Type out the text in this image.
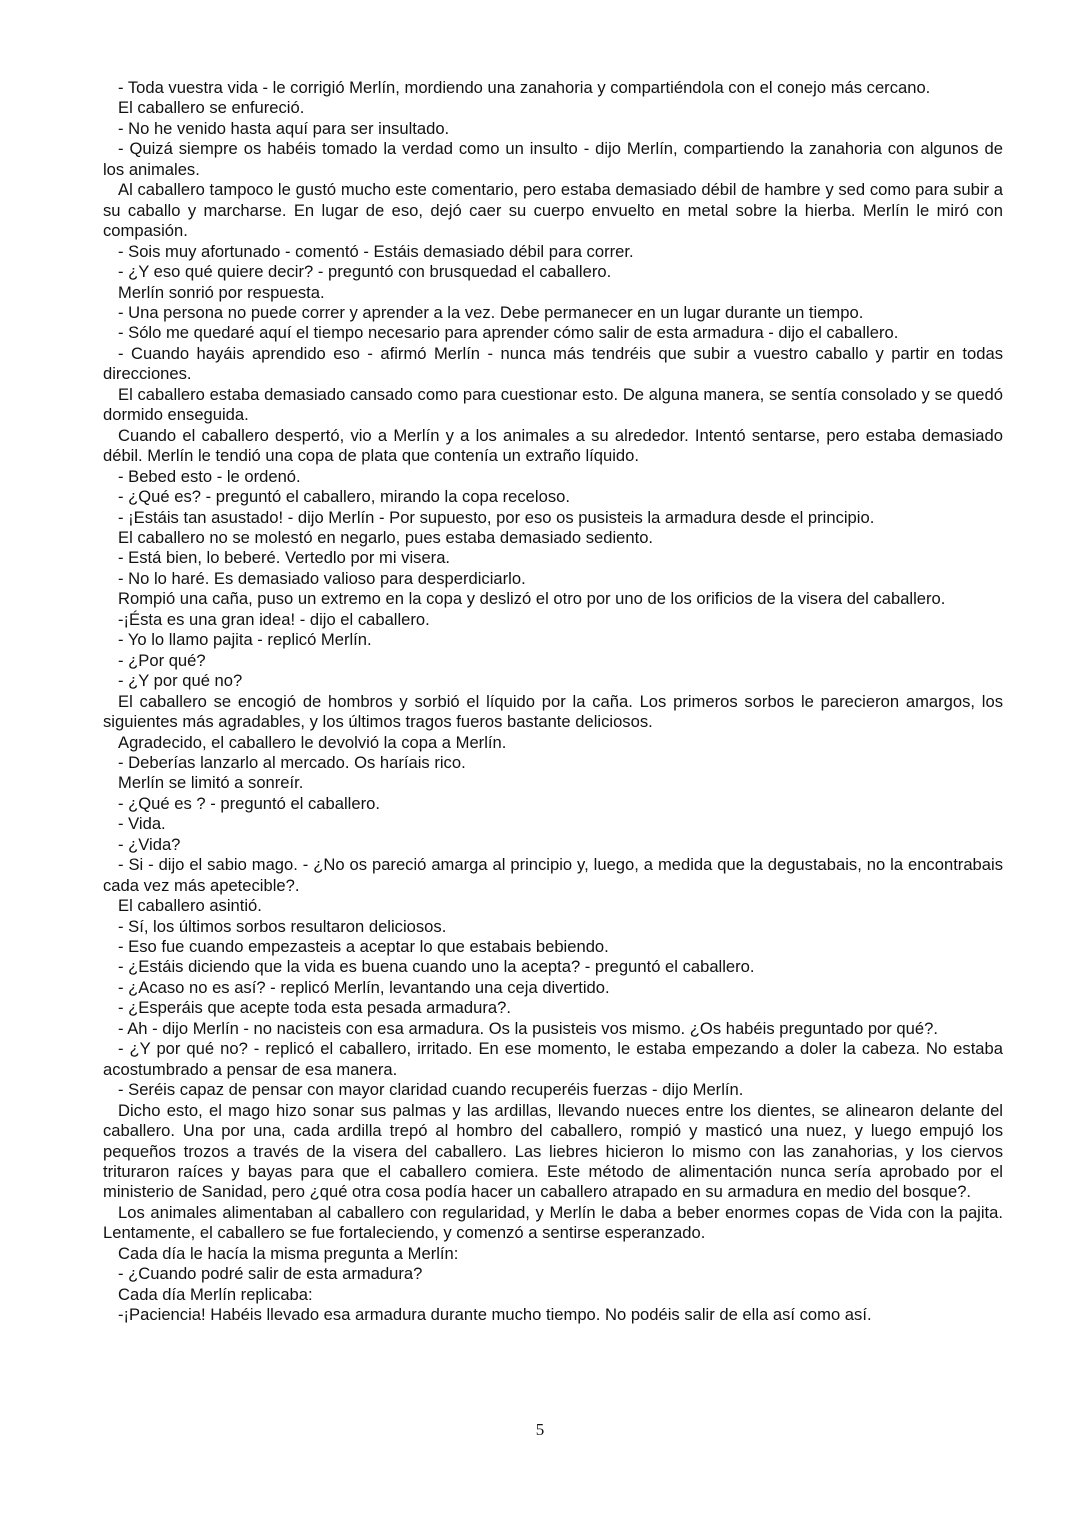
- Toda vuestra vida - le corrigió Merlín, mordiendo una zanahoria y compartiéndola con el conejo más cercano.

El caballero se enfureció.

- No he venido hasta aquí para ser insultado.

- Quizá siempre os habéis tomado la verdad como un insulto - dijo Merlín, compartiendo la zanahoria con algunos de los animales.

Al caballero tampoco le gustó mucho este comentario, pero estaba demasiado débil de hambre y sed como para subir a su caballo y marcharse. En lugar de eso, dejó caer su cuerpo envuelto en metal sobre la hierba. Merlín le miró con compasión.

- Sois muy afortunado - comentó - Estáis demasiado débil para correr.

- ¿Y eso qué quiere decir? - preguntó con brusquedad el caballero.

Merlín sonrió por respuesta.

- Una persona no puede correr y aprender a la vez. Debe permanecer en un lugar durante un tiempo.

- Sólo me quedaré aquí el tiempo necesario para aprender cómo salir de esta armadura - dijo el caballero.

- Cuando hayáis aprendido eso - afirmó Merlín - nunca más tendréis que subir a vuestro caballo y partir en todas direcciones.

El caballero estaba demasiado cansado como para cuestionar esto. De alguna manera, se sentía consolado y se quedó dormido enseguida.

Cuando el caballero despertó, vio a Merlín y a los animales a su alrededor. Intentó sentarse, pero estaba demasiado débil. Merlín le tendió una copa de plata que contenía un extraño líquido.

- Bebed esto - le ordenó.

- ¿Qué es? - preguntó el caballero, mirando la copa receloso.

- ¡Estáis tan asustado! - dijo Merlín - Por supuesto, por eso os pusisteis la armadura desde el principio.

El caballero no se molestó en negarlo, pues estaba demasiado sediento.

- Está bien, lo beberé. Vertedlo por mi visera.

- No lo haré. Es demasiado valioso para desperdiciarlo.

Rompió una caña, puso un extremo en la copa y deslizó el otro por uno de los orificios de la visera del caballero.

-¡Ésta es una gran idea! - dijo el caballero.

- Yo lo llamo pajita - replicó Merlín.

- ¿Por qué?

- ¿Y por qué no?

El caballero se encogió de hombros y sorbió el líquido por la caña. Los primeros sorbos le parecieron amargos, los siguientes más agradables, y los últimos tragos fueros bastante deliciosos.

Agradecido, el caballero le devolvió la copa a Merlín.

- Deberías lanzarlo al mercado. Os haríais rico.

Merlín se limitó a sonreír.

- ¿Qué es ? - preguntó el caballero.

- Vida.

- ¿Vida?

- Si - dijo el sabio mago. - ¿No os pareció amarga al principio y, luego, a medida que la degustabais, no la encontrabais cada vez más apetecible?.

El caballero asintió.

- Sí, los últimos sorbos resultaron deliciosos.

- Eso fue cuando empezasteis a aceptar lo que estabais bebiendo.

- ¿Estáis diciendo que la vida es buena cuando uno la acepta? - preguntó el caballero.

- ¿Acaso no es así? - replicó Merlín, levantando una ceja divertido.

- ¿Esperáis que acepte toda esta pesada armadura?.

- Ah - dijo Merlín - no nacisteis con esa armadura. Os la pusisteis vos mismo. ¿Os habéis preguntado por qué?.

- ¿Y por qué no? - replicó el caballero, irritado. En ese momento, le estaba empezando a doler la cabeza. No estaba acostumbrado a pensar de esa manera.

- Seréis capaz de pensar con mayor claridad cuando recuperéis fuerzas - dijo Merlín.

Dicho esto, el mago hizo sonar sus palmas y las ardillas, llevando nueces entre los dientes, se alinearon delante del caballero. Una por una, cada ardilla trepó al hombro del caballero, rompió y masticó una nuez, y luego empujó los pequeños trozos a través de la visera del caballero. Las liebres hicieron lo mismo con las zanahorias, y los ciervos trituraron raíces y bayas para que el caballero comiera. Este método de alimentación nunca sería aprobado por el ministerio de Sanidad, pero ¿qué otra cosa podía hacer un caballero atrapado en su armadura en medio del bosque?.

Los animales alimentaban al caballero con regularidad, y Merlín le daba a beber enormes copas de Vida con la pajita. Lentamente, el caballero se fue fortaleciendo, y comenzó a sentirse esperanzado.

Cada día le hacía la misma pregunta a Merlín:

- ¿Cuando podré salir de esta armadura?

Cada día Merlín replicaba:

-¡Paciencia! Habéis llevado esa armadura durante mucho tiempo. No podéis salir de ella así como así.

5
